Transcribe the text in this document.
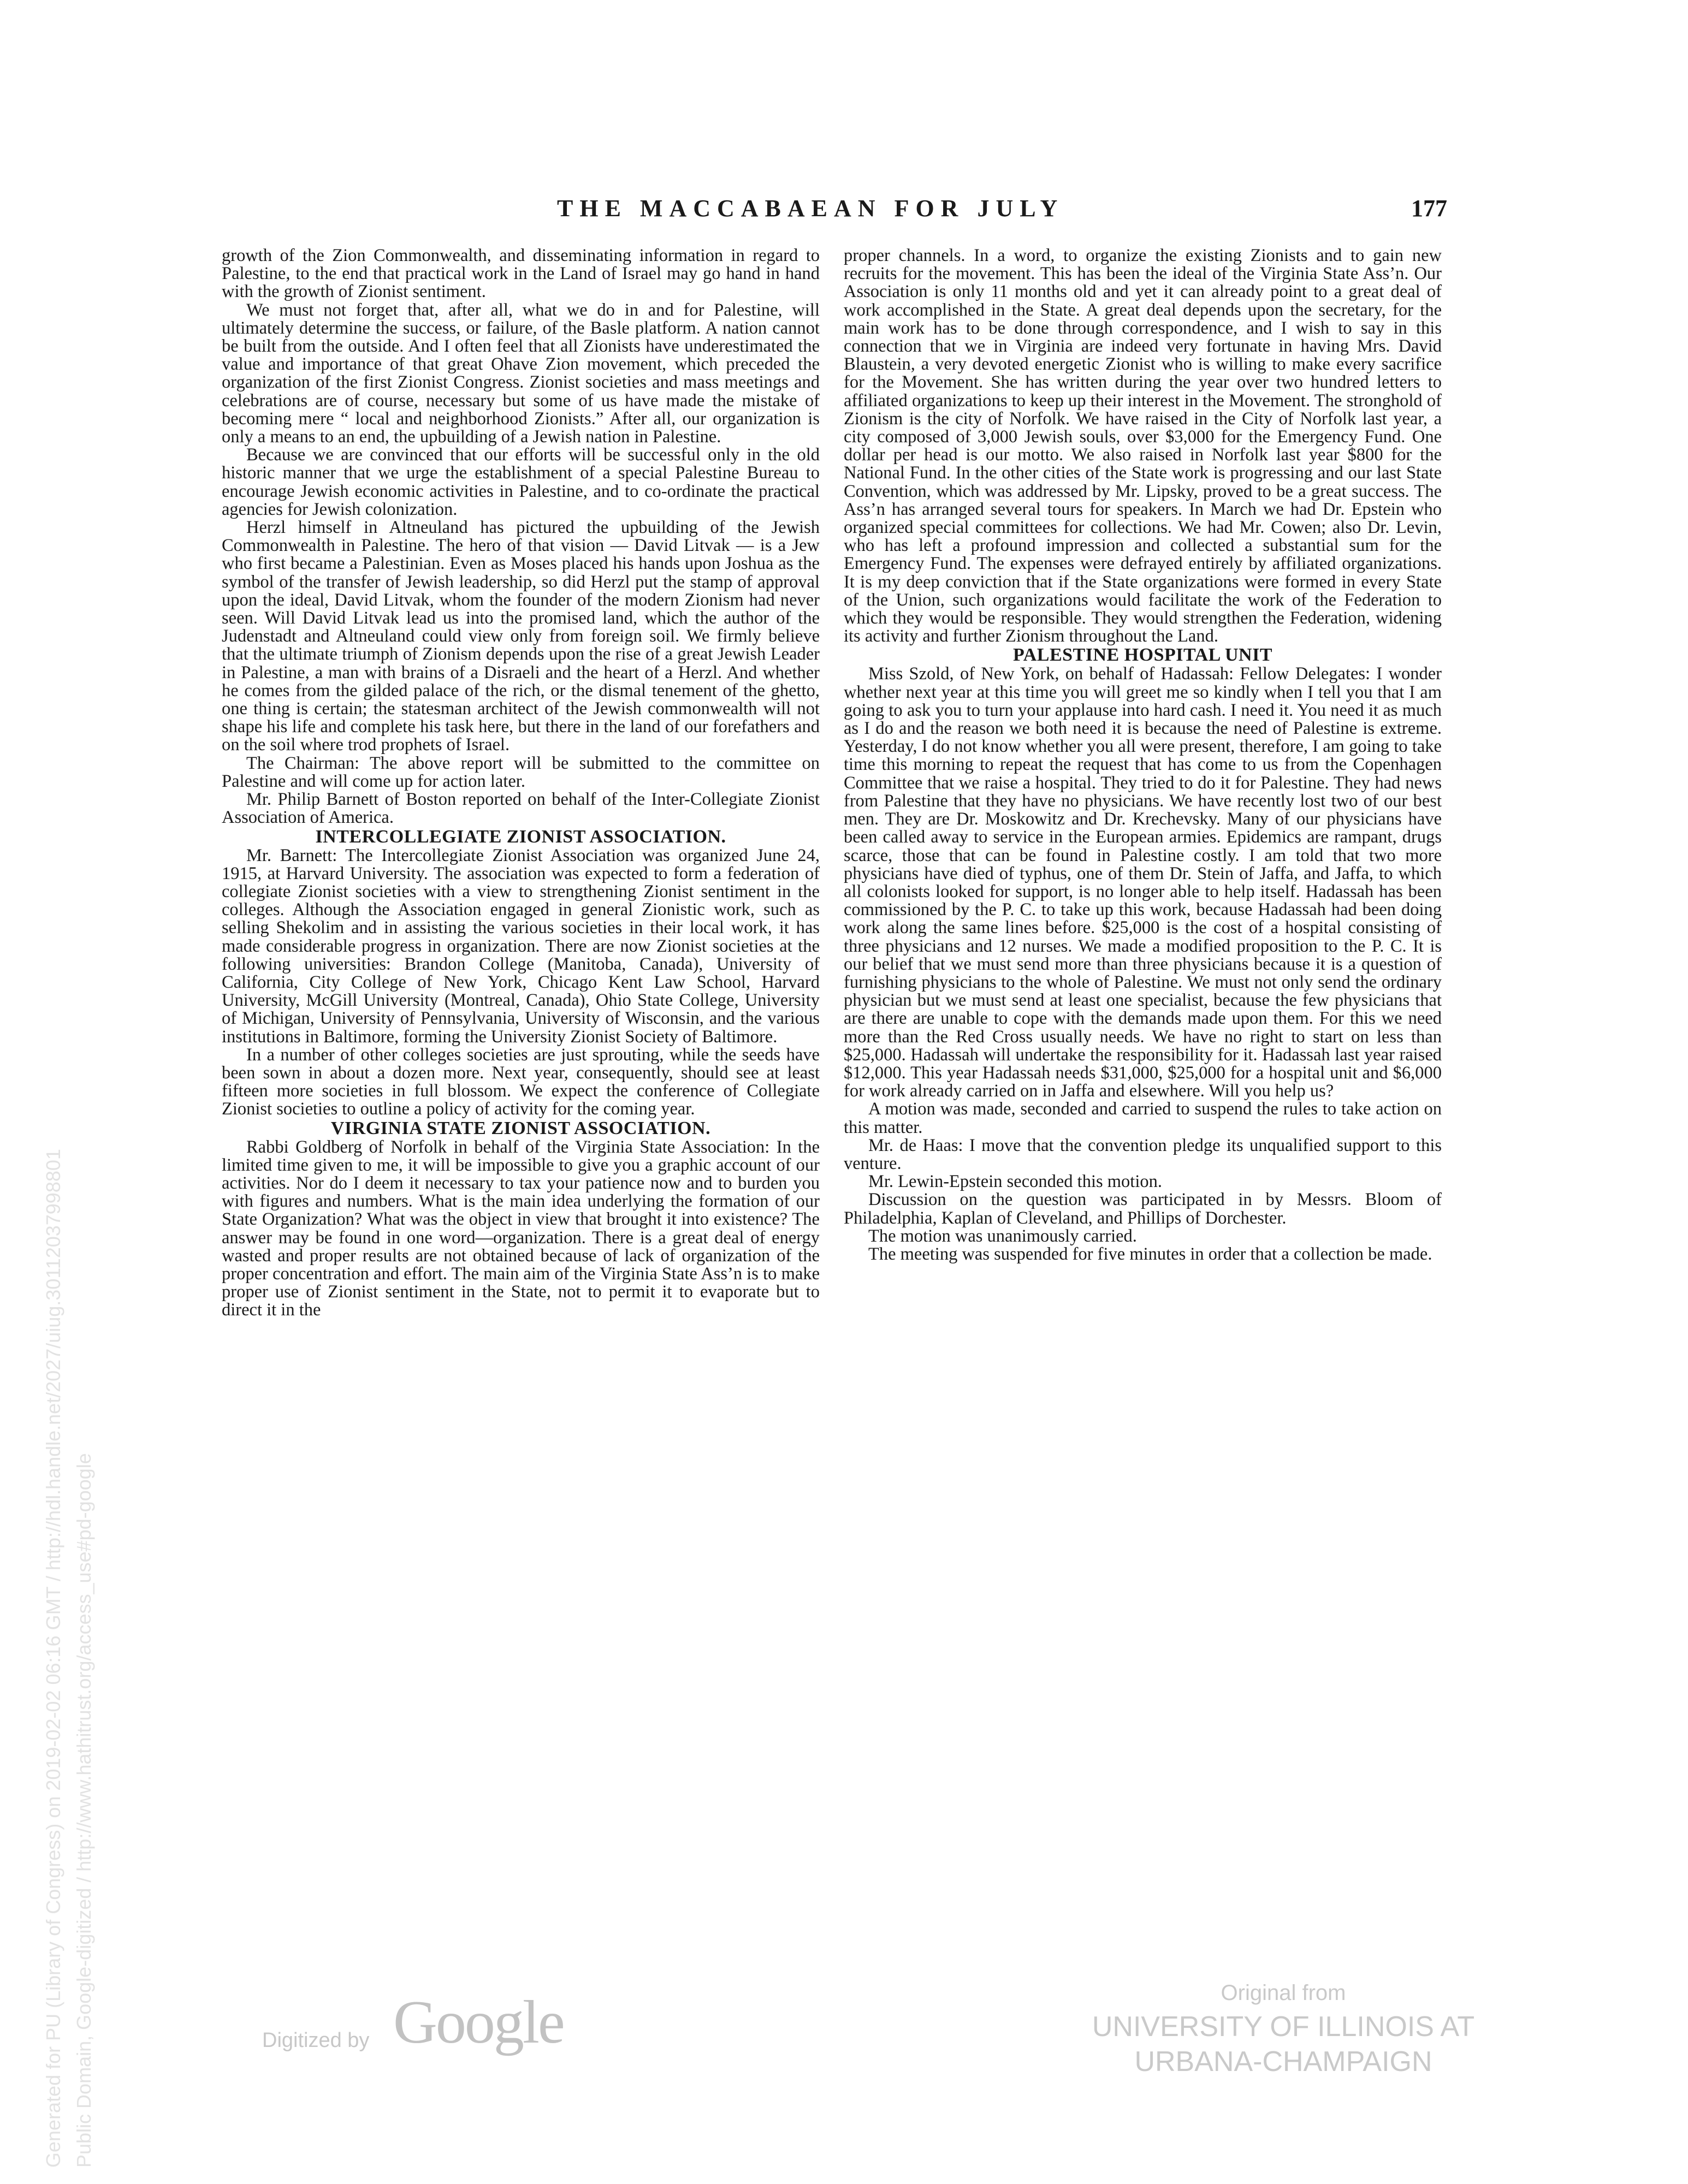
THE MACCABAEAN FOR JULY	177

growth of the Zion Commonwealth, and disseminating information in regard to Palestine, to the end that practical work in the Land of Israel may go hand in hand with the growth of Zionist sentiment.

We must not forget that, after all, what we do in and for Palestine, will ultimately determine the success, or failure, of the Basle platform. A nation cannot be built from the outside. And I often feel that all Zionists have underestimated the value and importance of that great Ohave Zion movement, which preceded the organization of the first Zionist Congress. Zionist societies and mass meetings and celebrations are of course, necessary but some of us have made the mistake of becoming mere “ local and neighborhood Zionists.” After all, our organization is only a means to an end, the upbuilding of a Jewish nation in Palestine.

Because we are convinced that our efforts will be successful only in the old historic manner that we urge the establishment of a special Palestine Bureau to encourage Jewish economic activities in Palestine, and to co-ordinate the practical agencies for Jewish colonization.

Herzl himself in Altneuland has pictured the upbuilding of the Jewish Commonwealth in Palestine. The hero of that vision — David Litvak — is a Jew who first became a Palestinian. Even as Moses placed his hands upon Joshua as the symbol of the transfer of Jewish leadership, so did Herzl put the stamp of approval upon the ideal, David Litvak, whom the founder of the modern Zionism had never seen. Will David Litvak lead us into the promised land, which the author of the Judenstadt and Altneuland could view only from foreign soil. We firmly believe that the ultimate triumph of Zionism depends upon the rise of a great Jewish Leader in Palestine, a man with brains of a Disraeli and the heart of a Herzl. And whether he comes from the gilded palace of the rich, or the dismal tenement of the ghetto, one thing is certain; the statesman architect of the Jewish commonwealth will not shape his life and complete his task here, but there in the land of our forefathers and on the soil where trod prophets of Israel.

The Chairman: The above report will be submitted to the committee on Palestine and will come up for action later.

Mr. Philip Barnett of Boston reported on behalf of the Inter-Collegiate Zionist Association of America.

INTERCOLLEGIATE ZIONIST ASSOCIATION.

Mr. Barnett: The Intercollegiate Zionist Association was organized June 24, 1915, at Harvard University. The association was expected to form a federation of collegiate Zionist societies with a view to strengthening Zionist sentiment in the colleges. Although the Association engaged in general Zionistic work, such as selling Shekolim and in assisting the various societies in their local work, it has made considerable progress in organization. There are now Zionist societies at the following universities: Brandon College (Manitoba, Canada), University of California, City College of New York, Chicago Kent Law School, Harvard University, McGill University (Montreal, Canada), Ohio State College, University of Michigan, University of Pennsylvania, University of Wisconsin, and the various institutions in Baltimore, forming the University Zionist Society of Baltimore.

In a number of other colleges societies are just sprouting, while the seeds have been sown in about a dozen more. Next year, consequently, should see at least fifteen more societies in full blossom. We expect the conference of Collegiate Zionist societies to outline a policy of activity for the coming year.

VIRGINIA STATE ZIONIST ASSOCIATION.

Rabbi Goldberg of Norfolk in behalf of the Virginia State Association: In the limited time given to me, it will be impossible to give you a graphic account of our activities. Nor do I deem it necessary to tax your patience now and to burden you with figures and numbers. What is the main idea underlying the formation of our State Organization? What was the object in view that brought it into existence? The answer may be found in one word—organization. There is a great deal of energy wasted and proper results are not obtained because of lack of organization of the proper concentration and effort. The main aim of the Virginia State Ass’n is to make proper use of Zionist sentiment in the State, not to permit it to evaporate but to direct it in the

proper channels. In a word, to organize the existing Zionists and to gain new recruits for the movement. This has been the ideal of the Virginia State Ass’n. Our Association is only 11 months old and yet it can already point to a great deal of work accomplished in the State. A great deal depends upon the secretary, for the main work has to be done through correspondence, and I wish to say in this connection that we in Virginia are indeed very fortunate in having Mrs. David Blaustein, a very devoted energetic Zionist who is willing to make every sacrifice for the Movement. She has written during the year over two hundred letters to affiliated organizations to keep up their interest in the Movement. The stronghold of Zionism is the city of Norfolk. We have raised in the City of Norfolk last year, a city composed of 3,000 Jewish souls, over $3,000 for the Emergency Fund. One dollar per head is our motto. We also raised in Norfolk last year $800 for the National Fund. In the other cities of the State work is progressing and our last State Convention, which was addressed by Mr. Lipsky, proved to be a great success. The Ass’n has arranged several tours for speakers. In March we had Dr. Epstein who organized special committees for collections. We had Mr. Cowen; also Dr. Levin, who has left a profound impression and collected a substantial sum for the Emergency Fund. The expenses were defrayed entirely by affiliated organizations. It is my deep conviction that if the State organizations were formed in every State of the Union, such organizations would facilitate the work of the Federation to which they would be responsible. They would strengthen the Federation, widening its activity and further Zionism throughout the Land.

PALESTINE HOSPITAL UNIT

Miss Szold, of New York, on behalf of Hadassah: Fellow Delegates: I wonder whether next year at this time you will greet me so kindly when I tell you that I am going to ask you to turn your applause into hard cash. I need it. You need it as much as I do and the reason we both need it is because the need of Palestine is extreme. Yesterday, I do not know whether you all were present, therefore, I am going to take time this morning to repeat the request that has come to us from the Copenhagen Committee that we raise a hospital. They tried to do it for Palestine. They had news from Palestine that they have no physicians. We have recently lost two of our best men. They are Dr. Moskowitz and Dr. Krechevsky. Many of our physicians have been called away to service in the European armies. Epidemics are rampant, drugs scarce, those that can be found in Palestine costly. I am told that two more physicians have died of typhus, one of them Dr. Stein of Jaffa, and Jaffa, to which all colonists looked for support, is no longer able to help itself. Hadassah has been commissioned by the P. C. to take up this work, because Hadassah had been doing work along the same lines before. $25,000 is the cost of a hospital consisting of three physicians and 12 nurses. We made a modified proposition to the P. C. It is our belief that we must send more than three physicians because it is a question of furnishing physicians to the whole of Palestine. We must not only send the ordinary physician but we must send at least one specialist, because the few physicians that are there are unable to cope with the demands made upon them. For this we need more than the Red Cross usually needs. We have no right to start on less than $25,000. Hadassah will undertake the responsibility for it. Hadassah last year raised $12,000. This year Hadassah needs $31,000, $25,000 for a hospital unit and $6,000 for work already carried on in Jaffa and elsewhere. Will you help us?

A motion was made, seconded and carried to suspend the rules to take action on this matter.

Mr. de Haas: I move that the convention pledge its unqualified support to this venture.

Mr. Lewin-Epstein seconded this motion.

Discussion on the question was participated in by Messrs. Bloom of Philadelphia, Kaplan of Cleveland, and Phillips of Dorchester.

The motion was unanimously carried.

The meeting was suspended for five minutes in order that a collection be made.

Generated for PU (Library of Congress) on 2019-02-02 06:16 GMT / http://hdl.handle.net/2027/uiug.30112037998801 Public Domain, Google-digitized / http://www.hathitrust.org/access_use#pd-google	Digitized by Google	Original from
UNIVERSITY OF ILLINOIS AT
URBANA-CHAMPAIGN
